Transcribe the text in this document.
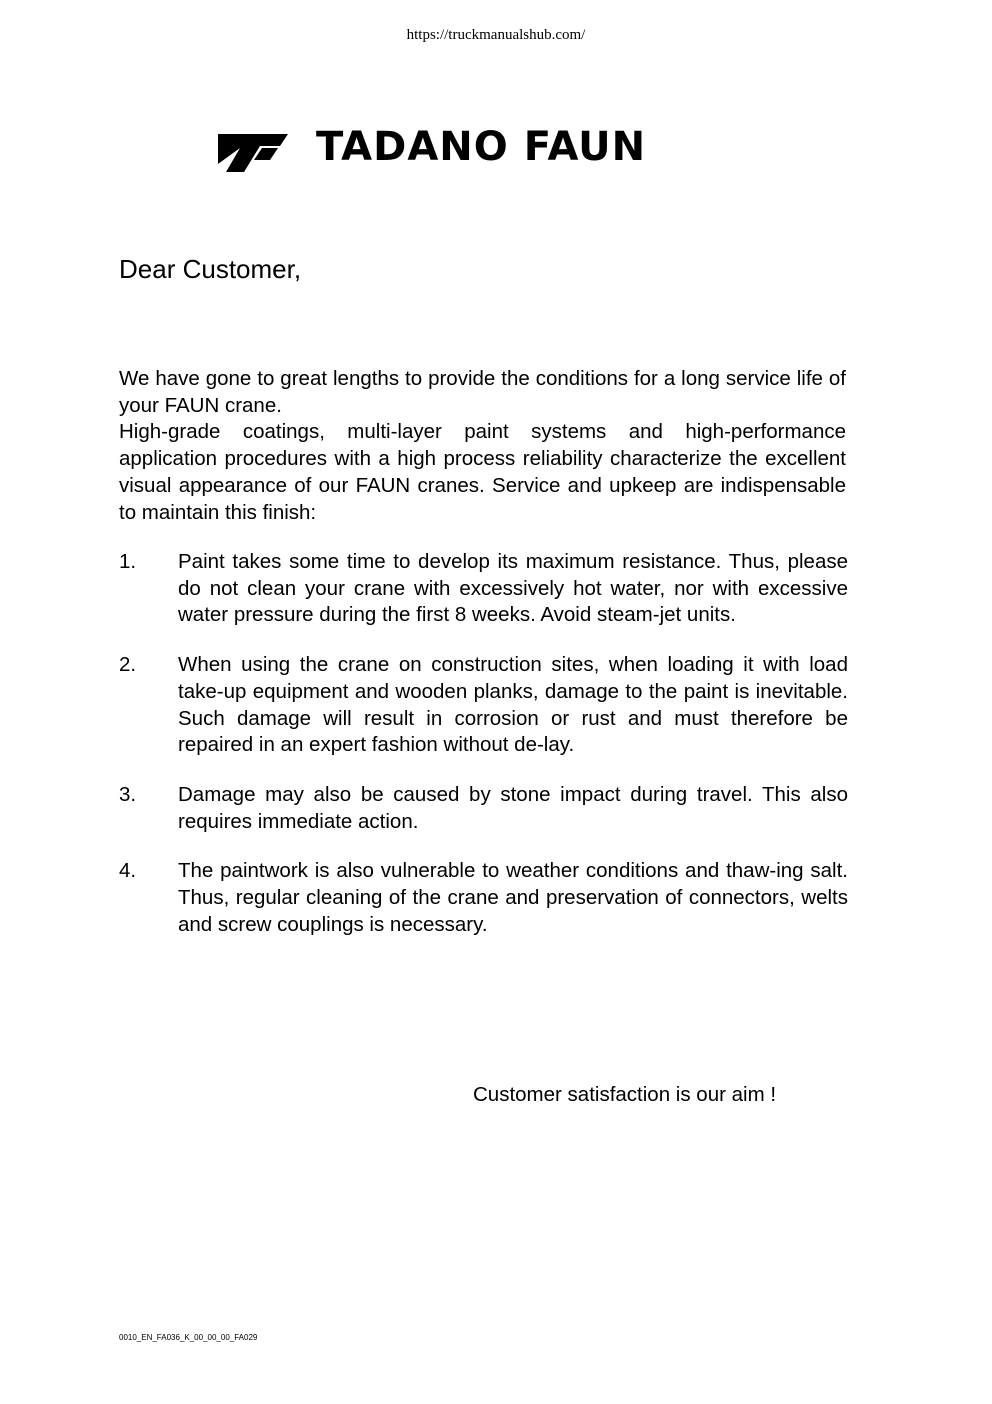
https://truckmanualshub.com/
TADANO FAUN
Dear Customer,

We have gone to great lengths to provide the conditions for a long service life of your FAUN crane.

High-grade coatings, multi-layer paint systems and high-performance application procedures with a high process reliability characterize the excellent visual appearance of our FAUN cranes. Service and upkeep are indispensable to maintain this finish:

1.	Paint takes some time to develop its maximum resistance. Thus, please do not clean your crane with excessively hot water, nor with excessive water pressure during the first 8 weeks. Avoid steam-jet units.
2.	When using the crane on construction sites, when loading it with load take-up equipment and wooden planks, damage to the paint is inevitable. Such damage will result in corrosion or rust and must therefore be repaired in an expert fashion without de-lay.
3.	Damage may also be caused by stone impact during travel. This also requires immediate action.
4.	The paintwork is also vulnerable to weather conditions and thaw-ing salt. Thus, regular cleaning of the crane and preservation of connectors, welts and screw couplings is necessary.
Customer satisfaction is our aim !
0010_EN_FA036_K_00_00_00_FA029
